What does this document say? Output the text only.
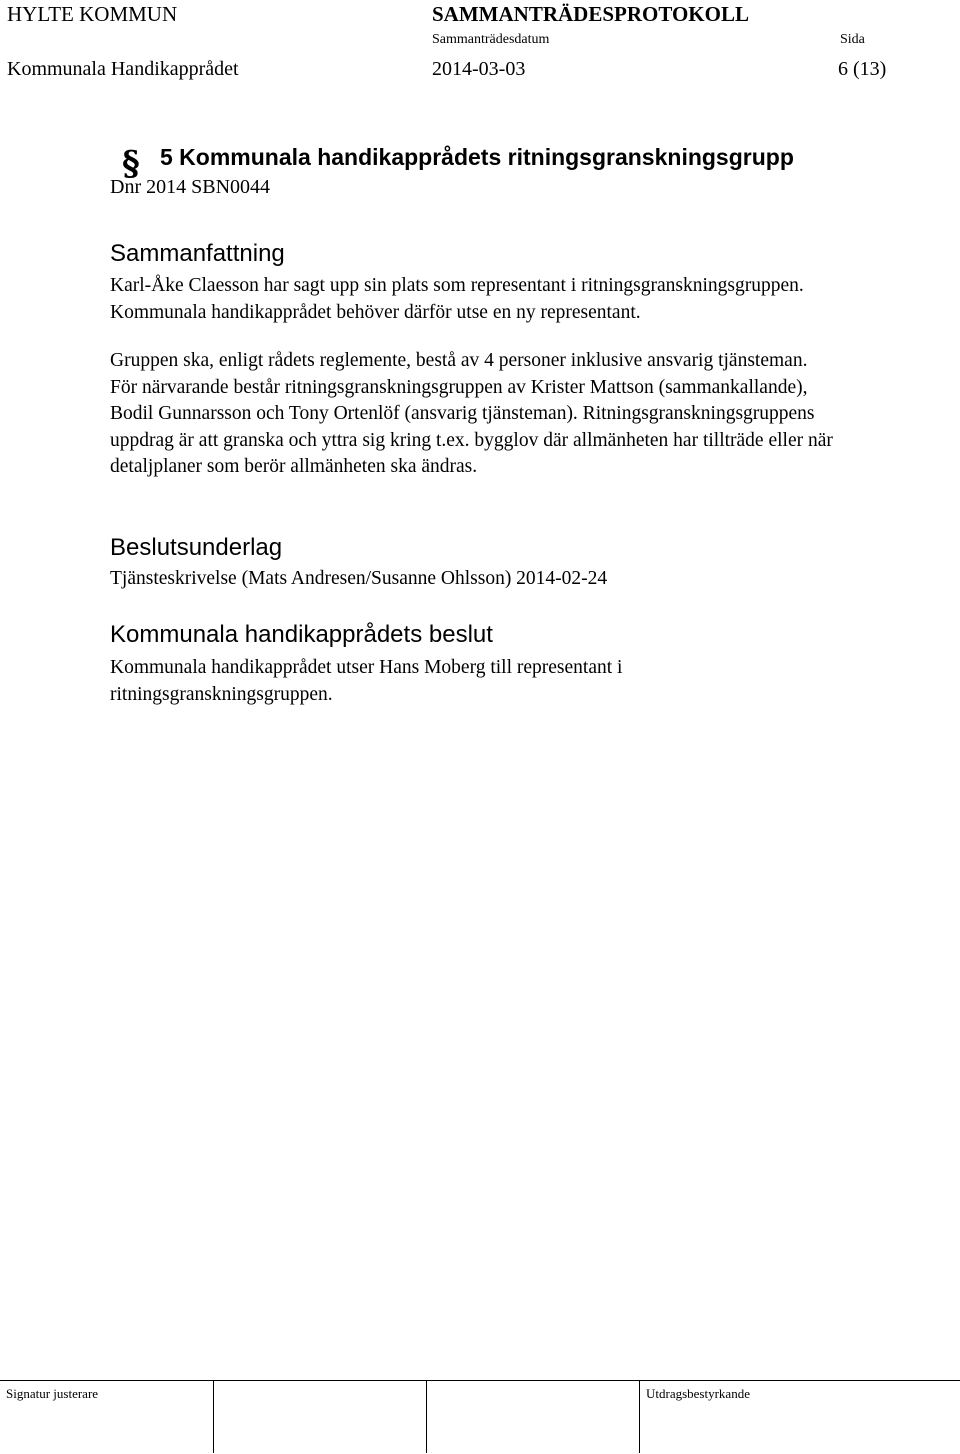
HYLTE KOMMUN	SAMMANTRÄDESPROTOKOLL
Sammanträdesdatum	Sida
Kommunala Handikapprådet	2014-03-03	6 (13)
§ 5 Kommunala handikapprådets ritningsgranskningsgrupp
Dnr 2014 SBN0044
Sammanfattning

Karl-Åke Claesson har sagt upp sin plats som representant i ritningsgranskningsgruppen.

Kommunala handikapprådet behöver därför utse en ny representant.

Gruppen ska, enligt rådets reglemente, bestå av 4 personer inklusive ansvarig tjänsteman.

För närvarande består ritningsgranskningsgruppen av Krister Mattson (sammankallande),

Bodil Gunnarsson och Tony Ortenlöf (ansvarig tjänsteman). Ritningsgranskningsgruppens

uppdrag är att granska och yttra sig kring t.ex. bygglov där allmänheten har tillträde eller när

detaljplaner som berör allmänheten ska ändras.

Beslutsunderlag

Tjänsteskrivelse (Mats Andresen/Susanne Ohlsson) 2014-02-24

Kommunala handikapprådets beslut

Kommunala handikapprådet utser Hans Moberg till representant i

ritningsgranskningsgruppen.

Signatur justerare	Utdragsbestyrkande
